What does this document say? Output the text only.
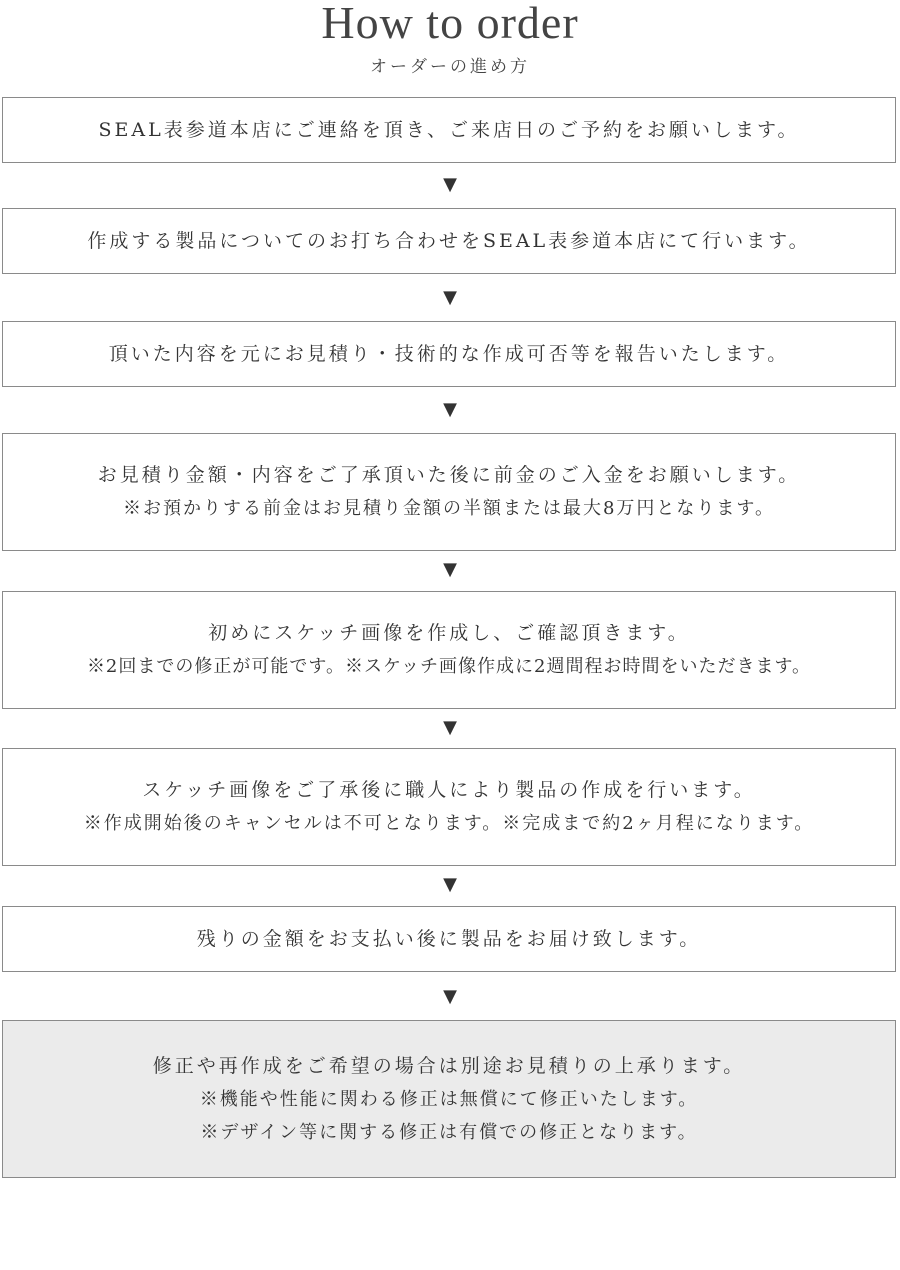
How to order
オーダーの進め方
SEAL表参道本店にご連絡を頂き、ご来店日のご予約をお願いします。
▼
作成する製品についてのお打ち合わせをSEAL表参道本店にて行います。
▼
頂いた内容を元にお見積り・技術的な作成可否等を報告いたします。
▼
お見積り金額・内容をご了承頂いた後に前金のご入金をお願いします。
※お預かりする前金はお見積り金額の半額または最大8万円となります。
▼
初めにスケッチ画像を作成し、ご確認頂きます。
※2回までの修正が可能です。※スケッチ画像作成に2週間程お時間をいただきます。
▼
スケッチ画像をご了承後に職人により製品の作成を行います。
※作成開始後のキャンセルは不可となります。※完成まで約2ヶ月程になります。
▼
残りの金額をお支払い後に製品をお届け致します。
▼
修正や再作成をご希望の場合は別途お見積りの上承ります。
※機能や性能に関わる修正は無償にて修正いたします。
※デザイン等に関する修正は有償での修正となります。
